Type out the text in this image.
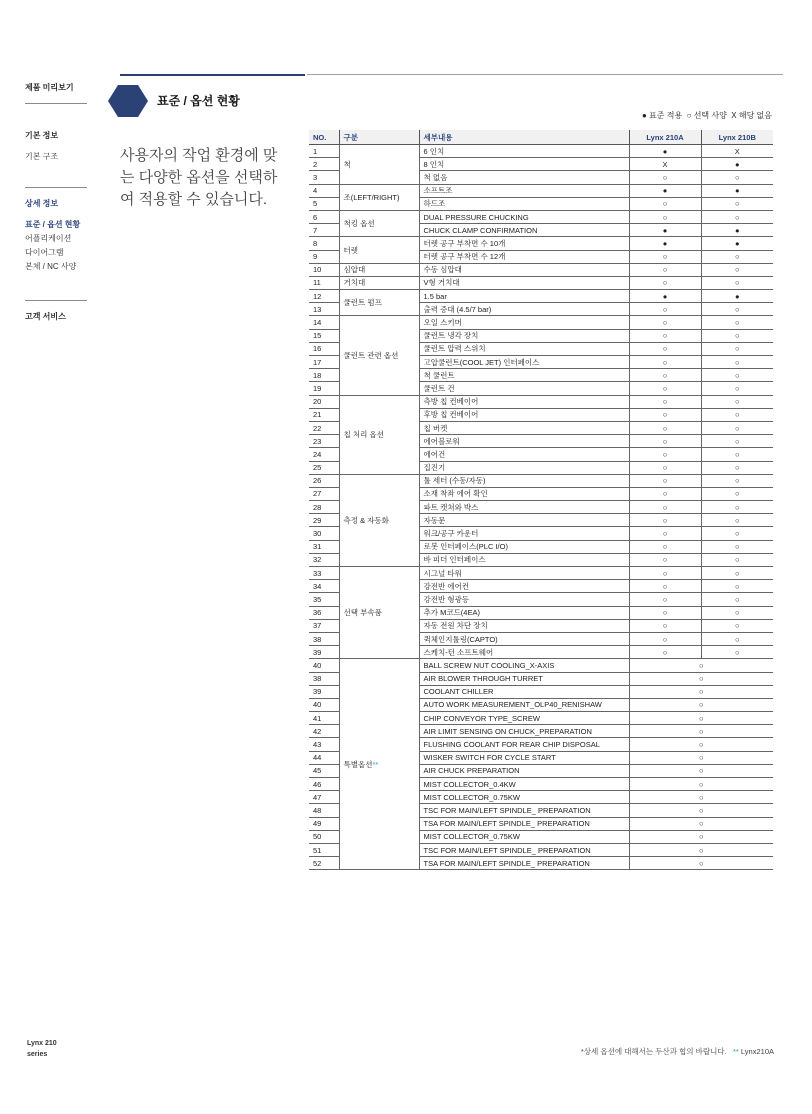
제품 미리보기
기본 정보
기본 구조
상세 정보
표준 / 옵션 현황
어플리케이션
다이어그램
본체 / NC 사양
고객 서비스
Lynx 210
series
표준 / 옵션 현황
사용자의 작업 환경에 맞는 다양한 옵션을 선택하여 적용할 수 있습니다.
● 표준 적용 ○ 선택 사양 X 해당 없음
NO.	구분	세부내용	Lynx 210A	Lynx 210B
1	척	6 인치	●	X
2		8 인치	X	●
3		척 없음	○	○
4	조(LEFT/RIGHT)	소프트조	●	●
5		하드조	○	○
6	척킹 옵션	DUAL PRESSURE CHUCKING	○	○
7		CHUCK CLAMP CONFIRMATION	●	●
8	터렛	터렛 공구 부착면 수 10개	●	●
9		터렛 공구 부착면 수 12개	○	○
10	심압대	수동 심압대	○	○
11	거치대	V형 거치대	○	○
12	쿨런트 펌프	1.5 bar	●	●
13		출력 증대 (4.5/7 bar)	○	○
14	쿨런트 관련 옵션	오일 스키머	○	○
15		쿨런트 냉각 장치	○	○
16		쿨런트 압력 스위치	○	○
17		고압쿨런트(COOL JET) 인터페이스	○	○
18		척 쿨런트	○	○
19		쿨런트 건	○	○
20	칩 처리 옵션	측방 칩 컨베이어	○	○
21		후방 칩 컨베이어	○	○
22		칩 버켓	○	○
23		에어블로워	○	○
24		에어건	○	○
25		집진기	○	○
26	측정 & 자동화	툴 세터 (수동/자동)	○	○
27		소재 착좌 에어 확인	○	○
28		파트 캣쳐와 박스	○	○
29		자동문	○	○
30		워크/공구 카운터	○	○
31		로봇 인터페이스(PLC I/O)	○	○
32		바 피더 인터페이스	○	○
33	선택 부속품	시그널 타워	○	○
34		강전반 에어컨	○	○
35		강전반 형광등	○	○
36		추가 M코드(4EA)	○	○
37		자동 전원 차단 장치	○	○
38		퀵체인지툴링(CAPTO)	○	○
39		스케치-턴 소프트웨어	○	○
40	특별옵션**	BALL SCREW NUT COOLING_X-AXIS	○	
38		AIR BLOWER THROUGH TURRET	○	
39		COOLANT CHILLER	○	
40		AUTO WORK MEASUREMENT_OLP40_RENISHAW	○	
41		CHIP CONVEYOR TYPE_SCREW	○	
42		AIR LIMIT SENSING ON CHUCK_PREPARATION	○	
43		FLUSHING COOLANT FOR REAR CHIP DISPOSAL	○	
44		WISKER SWITCH FOR CYCLE START	○	
45		AIR CHUCK PREPARATION	○	
46		MIST COLLECTOR_0.4KW	○	
47		MIST COLLECTOR_0.75KW	○	
48		TSC FOR MAIN/LEFT SPINDLE_ PREPARATION	○	
49		TSA FOR MAIN/LEFT SPINDLE_ PREPARATION	○	
50		MIST COLLECTOR_0.75KW	○	
51		TSC FOR MAIN/LEFT SPINDLE_ PREPARATION	○	
52		TSA FOR MAIN/LEFT SPINDLE_ PREPARATION	○	
*상세 옵션에 대해서는 두산과 협의 바랍니다. ** Lynx210A
